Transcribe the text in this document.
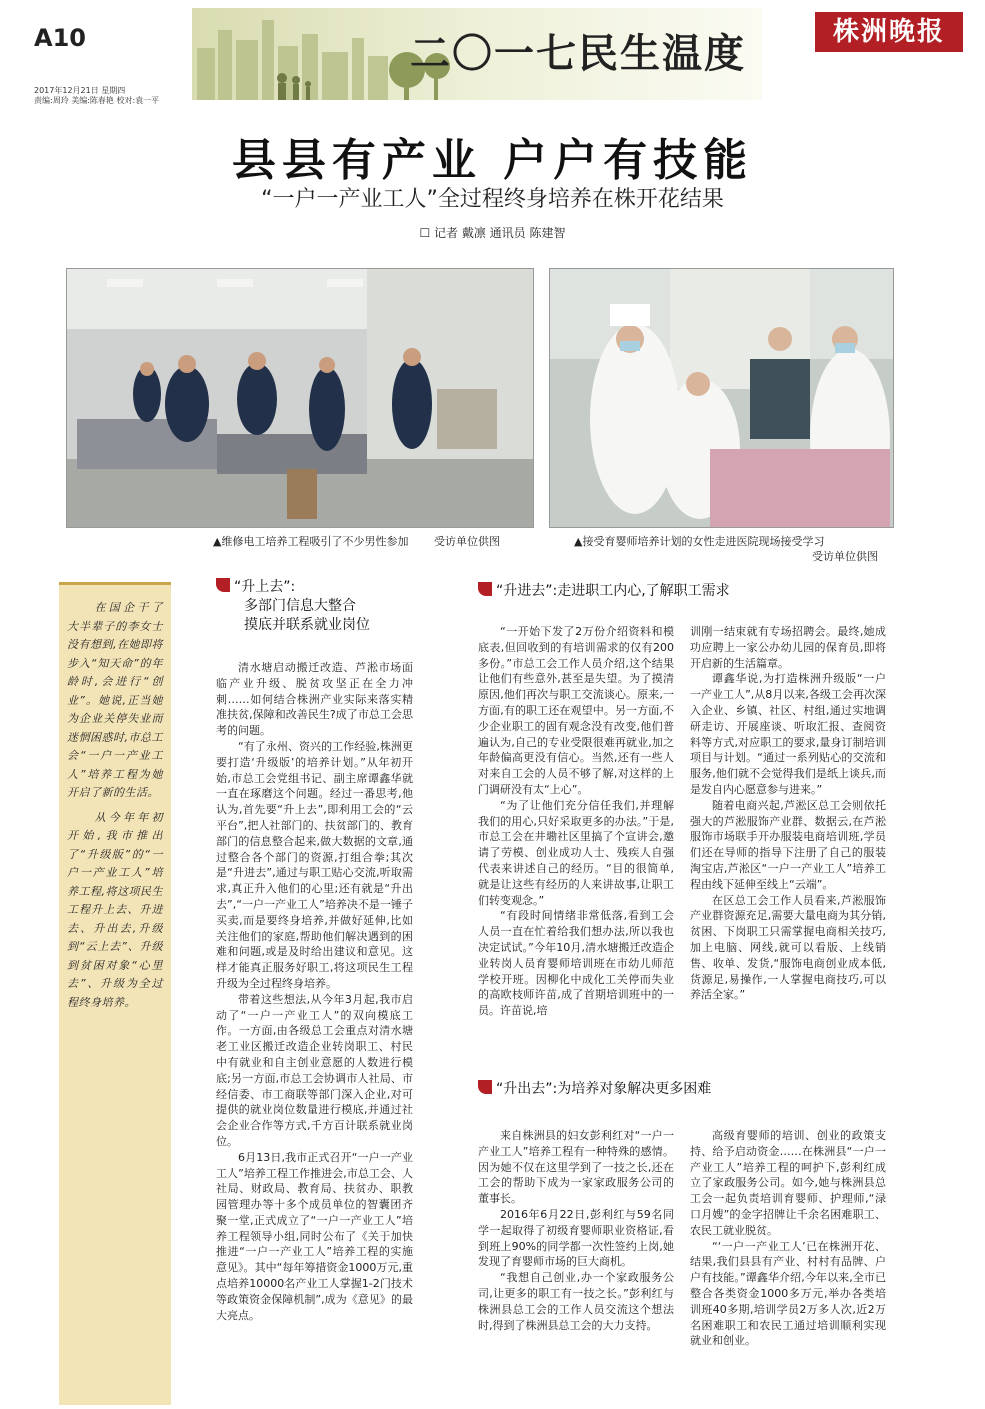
A10	二〇一七民生温度	株洲晚报
2017年12月21日 星期四
责编:周玲 美编:陈春艳 校对:袁一平
县县有产业 户户有技能
“一户一产业工人”全过程终身培养在株开花结果
☐ 记者 戴凛 通讯员 陈建智
▲维修电工培养工程吸引了不少男性参加 受访单位供图	▲接受育婴师培养计划的女性走进医院现场接受学习
受访单位供图

在国企干了大半辈子的李女士没有想到,在她即将步入“知天命”的年龄时,会进行“创业”。她说,正当她为企业关停失业而迷惘困惑时,市总工会“一户一产业工人”培养工程为她开启了新的生活。

从今年年初开始,我市推出了“升级版”的“一户一产业工人”培养工程,将这项民生工程升上去、升进去、升出去,升级到“云上去”、升级到贫困对象“心里去”、升级为全过程终身培养。

“升上去”:
多部门信息大整合
摸底并联系就业岗位

清水塘启动搬迁改造、芦淞市场面临产业升级、脱贫攻坚正在全力冲刺……如何结合株洲产业实际来落实精准扶贫,保障和改善民生?成了市总工会思考的问题。

“有了永州、资兴的工作经验,株洲更要打造‘升级版’的培养计划。”从年初开始,市总工会党组书记、副主席谭鑫华就一直在琢磨这个问题。经过一番思考,他认为,首先要“升上去”,即利用工会的“云平台”,把人社部门的、扶贫部门的、教育部门的信息整合起来,做大数据的文章,通过整合各个部门的资源,打组合拳;其次是“升进去”,通过与职工贴心交流,听取需求,真正升入他们的心里;还有就是“升出去”,“一户一产业工人”培养决不是一锤子买卖,而是要终身培养,并做好延伸,比如关注他们的家庭,帮助他们解决遇到的困难和问题,或是及时给出建议和意见。这样才能真正服务好职工,将这项民生工程升级为全过程终身培养。

带着这些想法,从今年3月起,我市启动了“一户一产业工人”的双向模底工作。一方面,由各级总工会重点对清水塘老工业区搬迁改造企业转岗职工、村民中有就业和自主创业意愿的人数进行模底;另一方面,市总工会协调市人社局、市经信委、市工商联等部门深入企业,对可提供的就业岗位数量进行模底,并通过社会企业合作等方式,千方百计联系就业岗位。

6月13日,我市正式召开“一户一产业工人”培养工程工作推进会,市总工会、人社局、财政局、教育局、扶贫办、职教园管理办等十多个成员单位的智囊团齐聚一堂,正式成立了“一户一产业工人”培养工程领导小组,同时公布了《关于加快推进“一户一产业工人”培养工程的实施意见》。其中“每年筹措资金1000万元,重点培养10000名产业工人掌握1-2门技术等政策资金保障机制”,成为《意见》的最大亮点。

“升进去”:走进职工内心,了解职工需求

“一开始下发了2万份介绍资料和模底表,但回收到的有培训需求的仅有200多份。”市总工会工作人员介绍,这个结果让他们有些意外,甚至是失望。为了摸清原因,他们再次与职工交流谈心。原来,一方面,有的职工还在观望中。另一方面,不少企业职工的固有观念没有改变,他们普遍认为,自己的专业受限很难再就业,加之年龄偏高更没有信心。当然,还有一些人对来自工会的人员不够了解,对这样的上门调研没有太“上心”。

“为了让他们充分信任我们,并理解我们的用心,只好采取更多的办法。”于是,市总工会在井墈社区里搞了个宣讲会,邀请了劳模、创业成功人士、残疾人自强代表来讲述自己的经历。“目的很简单,就是让这些有经历的人来讲故事,让职工们转变观念。”

“有段时间情绪非常低落,看到工会人员一直在忙着给我们想办法,所以我也决定试试。”今年10月,清水塘搬迁改造企业转岗人员育婴师培训班在市幼儿师范学校开班。因柳化中成化工关停而失业的高欧枝师许苗,成了首期培训班中的一员。许苗说,培

训刚一结束就有专场招聘会。最终,她成功应聘上一家公办幼儿园的保育员,即将开启新的生活篇章。

谭鑫华说,为打造株洲升级版“一户一产业工人”,从8月以来,各级工会再次深入企业、乡镇、社区、村组,通过实地调研走访、开展座谈、听取汇报、查阅资料等方式,对应职工的要求,量身订制培训项目与计划。“通过一系列贴心的交流和服务,他们就不会觉得我们是纸上谈兵,而是发自内心愿意参与进来。”

随着电商兴起,芦淞区总工会则依托强大的芦淞服饰产业群、数据云,在芦淞服饰市场联手开办服装电商培训班,学员们还在导师的指导下注册了自己的服装淘宝店,芦淞区“一户一产业工人”培养工程由线下延伸至线上“云端”。

在区总工会工作人员看来,芦淞服饰产业群资源充足,需要大量电商为其分销,贫困、下岗职工只需掌握电商相关技巧,加上电脑、网线,就可以看版、上线销售、收单、发货,“服饰电商创业成本低,货源足,易操作,一人掌握电商技巧,可以养活全家。”

“升出去”:为培养对象解决更多困难

来自株洲县的妇女彭利红对“一户一产业工人”培养工程有一种特殊的感情。因为她不仅在这里学到了一技之长,还在工会的帮助下成为一家家政服务公司的董事长。

2016年6月22日,彭利红与59名同学一起取得了初级育婴师职业资格证,看到班上90%的同学都一次性签约上岗,她发现了育婴师市场的巨大商机。

“我想自己创业,办一个家政服务公司,让更多的职工有一技之长。”彭利红与株洲县总工会的工作人员交流这个想法时,得到了株洲县总工会的大力支持。

高级育婴师的培训、创业的政策支持、给予启动资金……在株洲县“一户一产业工人”培养工程的呵护下,彭利红成立了家政服务公司。如今,她与株洲县总工会一起负责培训育婴师、护理师,“渌口月嫂”的金字招牌让千余名困难职工、农民工就业脱贫。

“‘一户一产业工人’已在株洲开花、结果,我们县县有产业、村村有品牌、户户有技能。”谭鑫华介绍,今年以来,全市已整合各类资金1000多万元,举办各类培训班40多期,培训学员2万多人次,近2万名困难职工和农民工通过培训顺利实现就业和创业。
